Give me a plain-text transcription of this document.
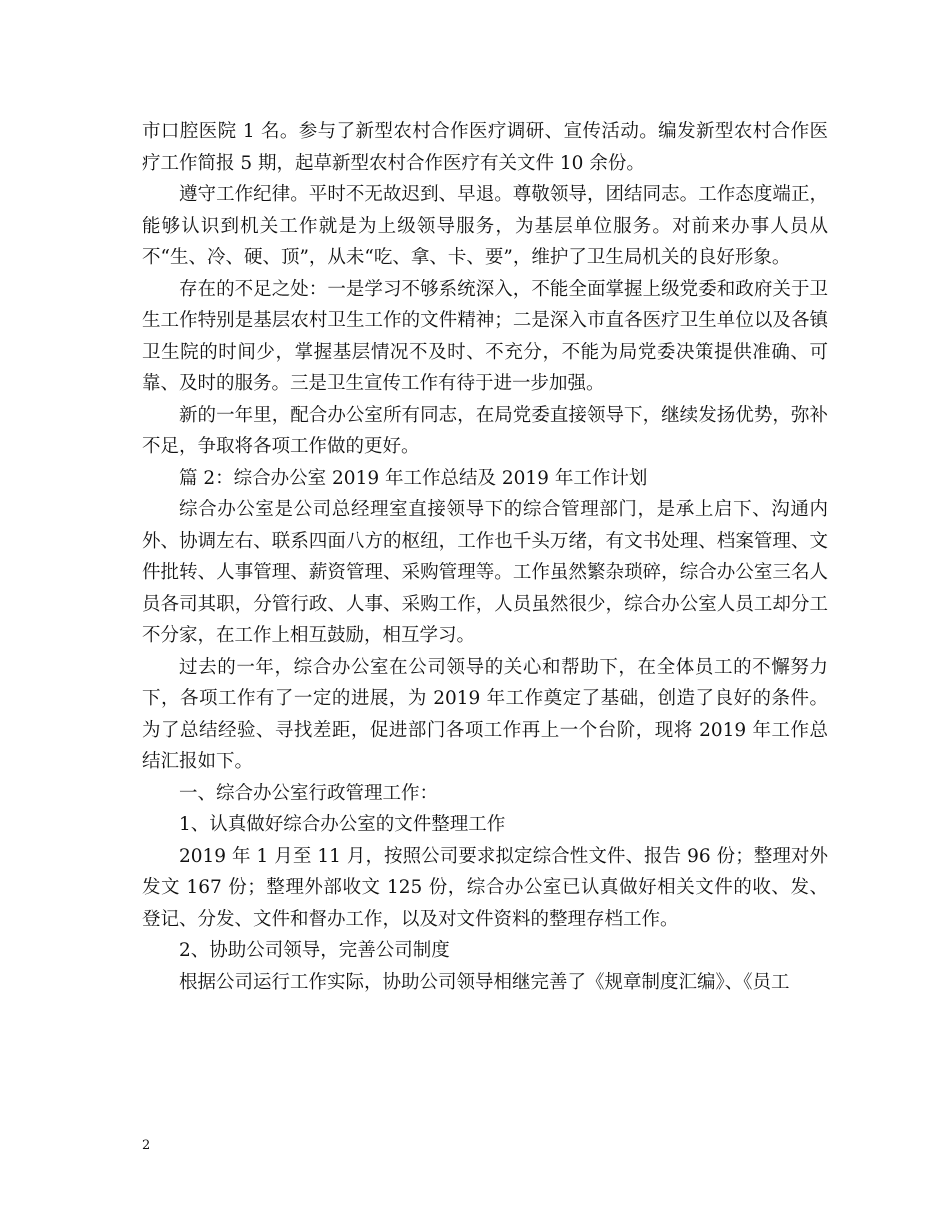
市口腔医院 1 名。参与了新型农村合作医疗调研、宣传活动。编发新型农村合作医疗工作简报 5 期，起草新型农村合作医疗有关文件 10 余份。

遵守工作纪律。平时不无故迟到、早退。尊敬领导，团结同志。工作态度端正，能够认识到机关工作就是为上级领导服务，为基层单位服务。对前来办事人员从不“生、冷、硬、顶”，从未“吃、拿、卡、要”，维护了卫生局机关的良好形象。

存在的不足之处：一是学习不够系统深入，不能全面掌握上级党委和政府关于卫生工作特别是基层农村卫生工作的文件精神；二是深入市直各医疗卫生单位以及各镇卫生院的时间少，掌握基层情况不及时、不充分，不能为局党委决策提供准确、可靠、及时的服务。三是卫生宣传工作有待于进一步加强。

新的一年里，配合办公室所有同志，在局党委直接领导下，继续发扬优势，弥补不足，争取将各项工作做的更好。

篇 2：综合办公室 2019 年工作总结及 2019 年工作计划

综合办公室是公司总经理室直接领导下的综合管理部门，是承上启下、沟通内外、协调左右、联系四面八方的枢纽，工作也千头万绪，有文书处理、档案管理、文件批转、人事管理、薪资管理、采购管理等。工作虽然繁杂琐碎，综合办公室三名人员各司其职，分管行政、人事、采购工作，人员虽然很少，综合办公室人员工却分工不分家，在工作上相互鼓励，相互学习。

过去的一年，综合办公室在公司领导的关心和帮助下，在全体员工的不懈努力下，各项工作有了一定的进展，为 2019 年工作奠定了基础，创造了良好的条件。为了总结经验、寻找差距，促进部门各项工作再上一个台阶，现将 2019 年工作总结汇报如下。

一、综合办公室行政管理工作：

1、认真做好综合办公室的文件整理工作

2019 年 1 月至 11 月，按照公司要求拟定综合性文件、报告 96 份；整理对外发文 167 份；整理外部收文 125 份，综合办公室已认真做好相关文件的收、发、登记、分发、文件和督办工作，以及对文件资料的整理存档工作。

2、协助公司领导，完善公司制度

根据公司运行工作实际，协助公司领导相继完善了《规章制度汇编》、《员工

2
